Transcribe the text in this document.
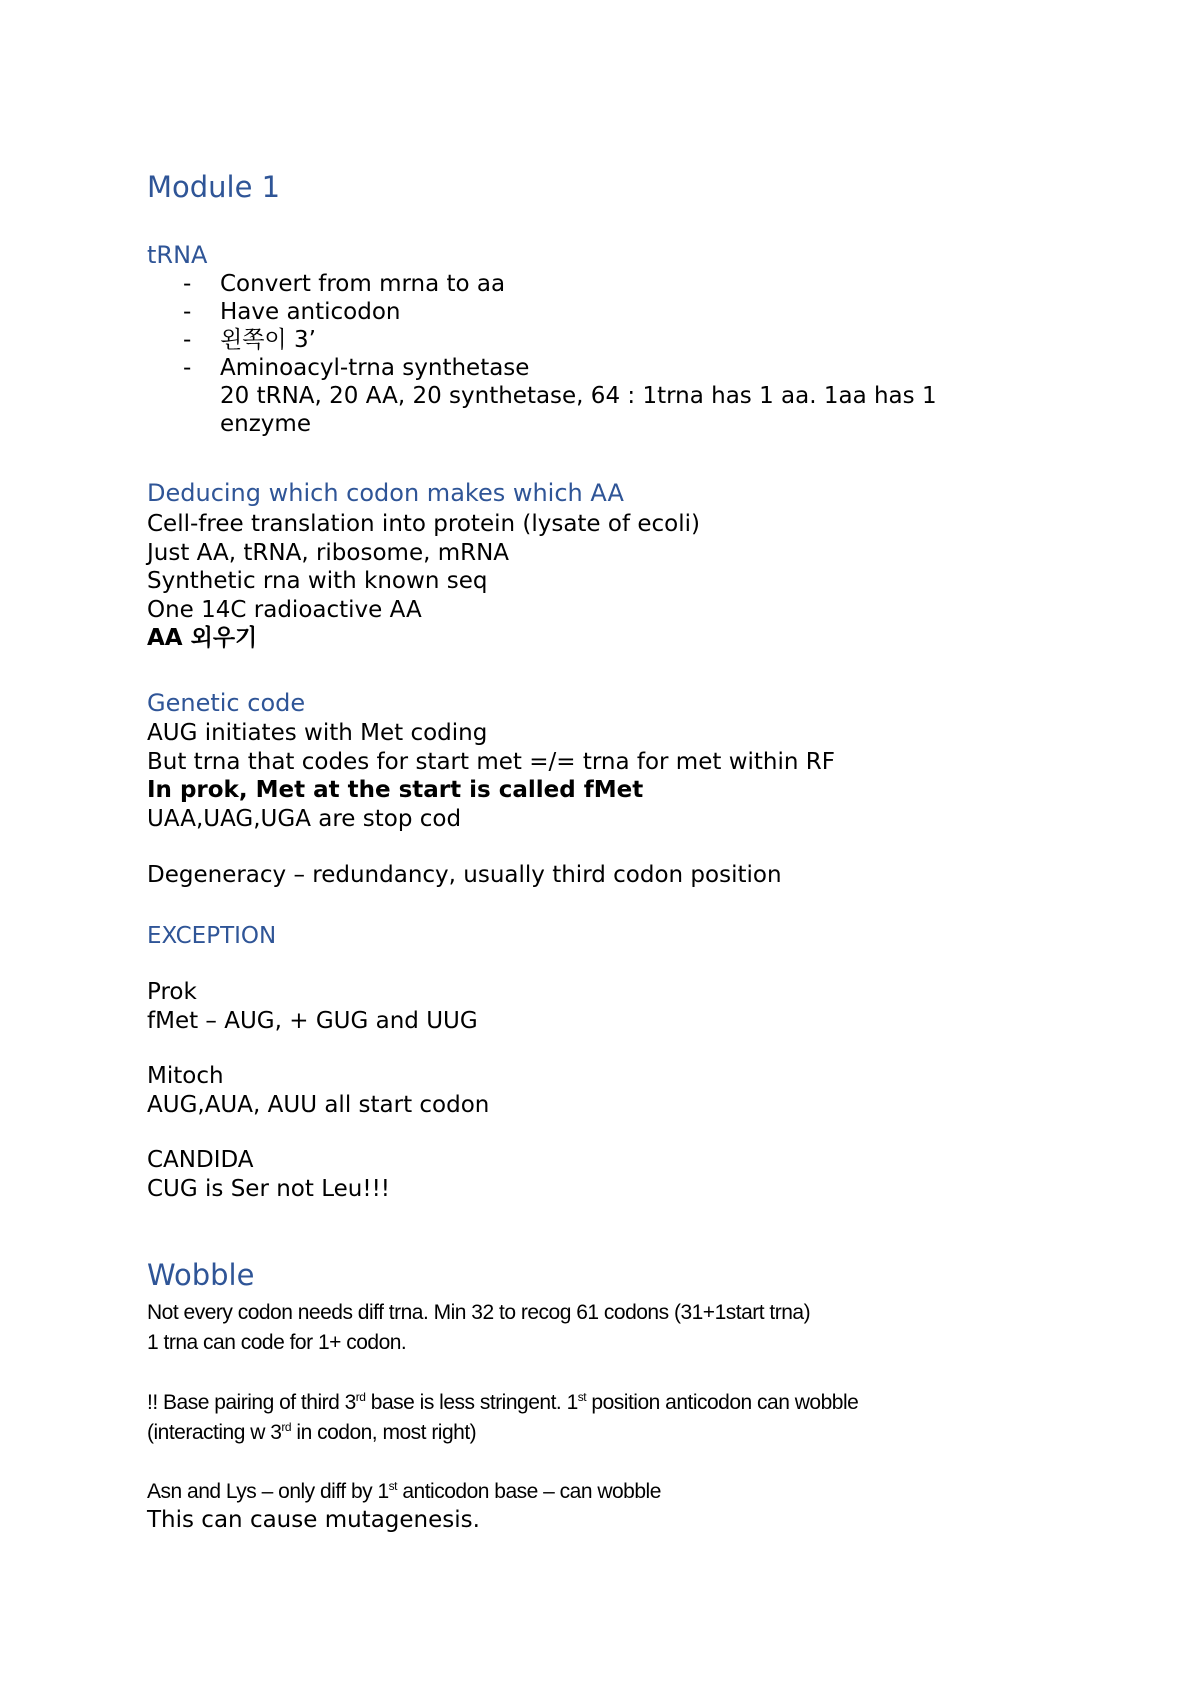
Module 1
tRNA
- Convert from mrna to aa
- Have anticodon
- 왼쪽이 3’
- Aminoacyl-trna synthetase
20 tRNA, 20 AA, 20 synthetase, 64 : 1trna has 1 aa. 1aa has 1
enzyme
Deducing which codon makes which AA
Cell-free translation into protein (lysate of ecoli)
Just AA, tRNA, ribosome, mRNA
Synthetic rna with known seq
One 14C radioactive AA
AA 외우기
Genetic code
AUG initiates with Met coding
But trna that codes for start met =/= trna for met within RF
In prok, Met at the start is called fMet
UAA,UAG,UGA are stop cod
Degeneracy – redundancy, usually third codon position
EXCEPTION
Prok
fMet – AUG, + GUG and UUG
Mitoch
AUG,AUA, AUU all start codon
CANDIDA
CUG is Ser not Leu!!!
Wobble
Not every codon needs diff trna. Min 32 to recog 61 codons (31+1start trna)
1 trna can code for 1+ codon.
!! Base pairing of third 3rd base is less stringent. 1st position anticodon can wobble
(interacting w 3rd in codon, most right)
Asn and Lys – only diff by 1st anticodon base – can wobble
This can cause mutagenesis.
